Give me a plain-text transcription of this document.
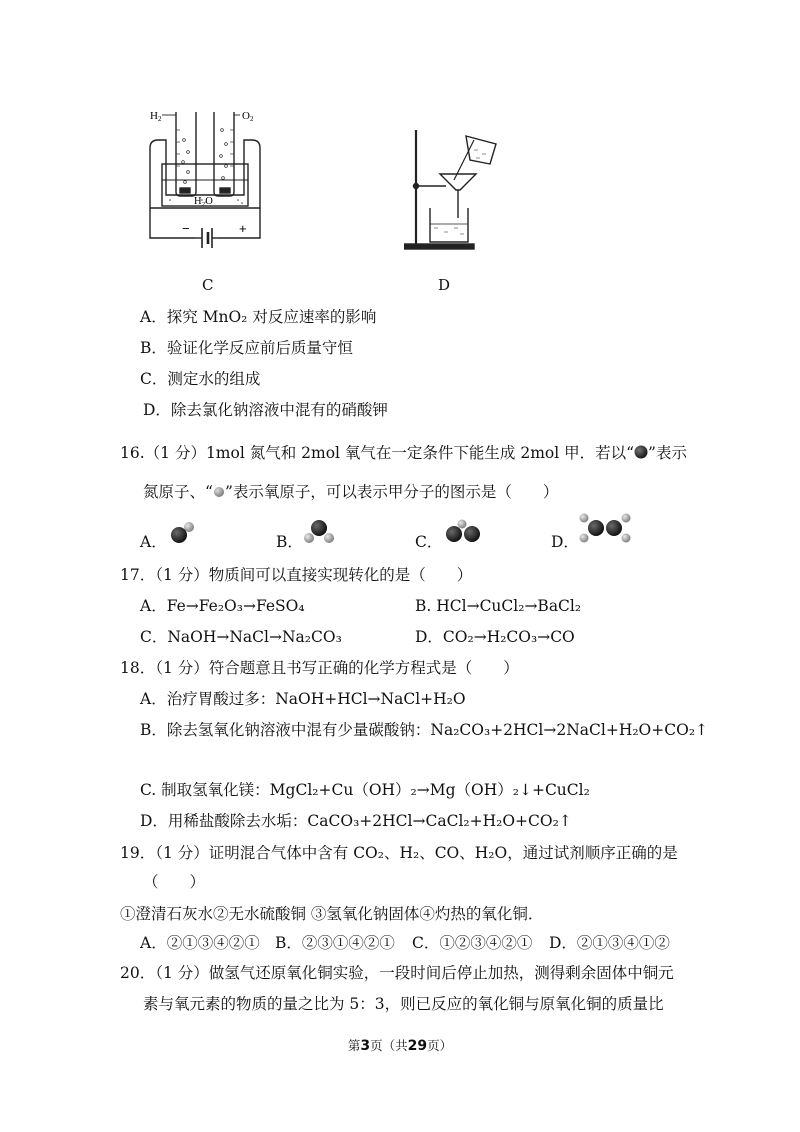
H2	O2
H₂O
−	+
C	D
A．探究 MnO₂ 对反应速率的影响
B．验证化学反应前后质量守恒
C．测定水的组成
D．除去氯化钠溶液中混有的硝酸钾
16.（1 分）1mol 氮气和 2mol 氧气在一定条件下能生成 2mol 甲．若以“ ”表示
氮原子、“ ”表示氧原子，可以表示甲分子的图示是（　　）
A．	B．	C．	D．
17．（1 分）物质间可以直接实现转化的是（　　）
A．Fe→Fe₂O₃→FeSO₄	B. HCl→CuCl₂→BaCl₂
C．NaOH→NaCl→Na₂CO₃	D．CO₂→H₂CO₃→CO
18．（1 分）符合题意且书写正确的化学方程式是（　　）
A．治疗胃酸过多：NaOH+HCl→NaCl+H₂O
B．除去氢氧化钠溶液中混有少量碳酸钠：Na₂CO₃+2HCl→2NaCl+H₂O+CO₂↑
C. 制取氢氧化镁：MgCl₂+Cu（OH）₂→Mg（OH）₂↓+CuCl₂
D．用稀盐酸除去水垢：CaCO₃+2HCl→CaCl₂+H₂O+CO₂↑
19．（1 分）证明混合气体中含有 CO₂、H₂、CO、H₂O，通过试剂顺序正确的是
（　　）
①澄清石灰水②无水硫酸铜 ③氢氧化钠固体④灼热的氧化铜．
A．②①③④②① B．②③①④②① C．①②③④②① D．②①③④①②
20．（1 分）做氢气还原氧化铜实验，一段时间后停止加热，测得剩余固体中铜元
素与氧元素的物质的量之比为 5：3，则已反应的氧化铜与原氧化铜的质量比
第3页（共29页）
